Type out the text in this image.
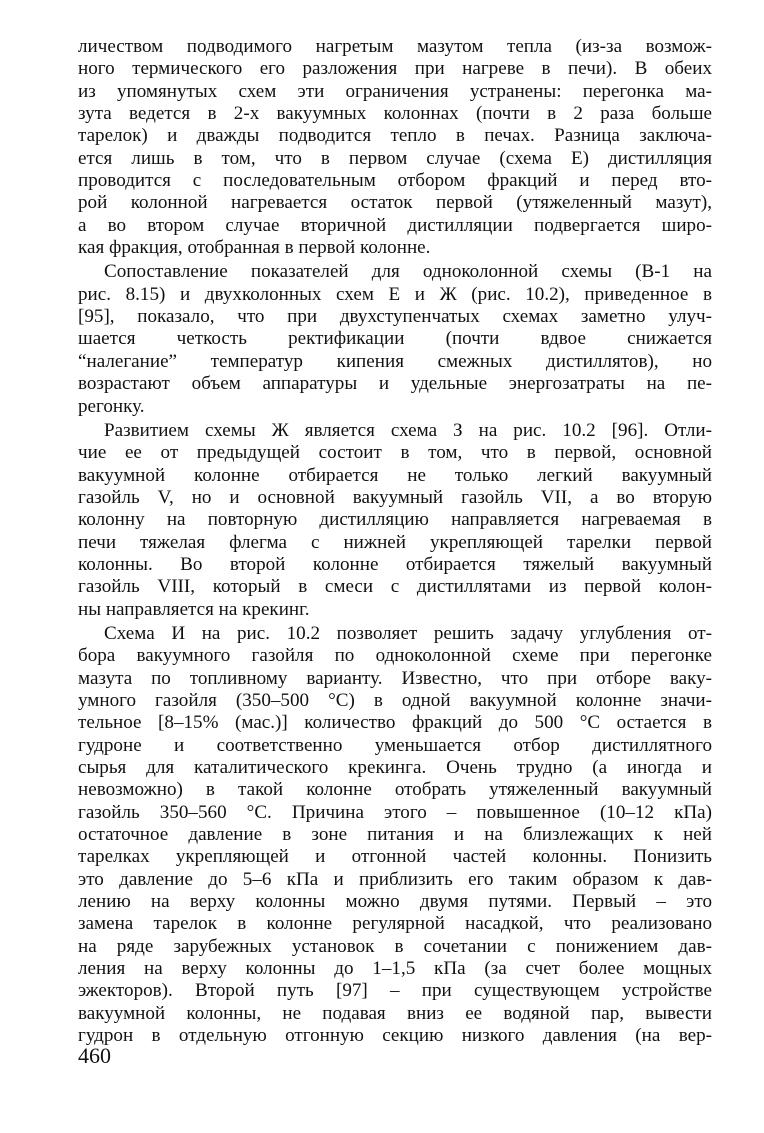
личеством подводимого нагретым мазутом тепла (из-за возмож-
ного термического его разложения при нагреве в печи). В обеих
из упомянутых схем эти ограничения устранены: перегонка ма-
зута ведется в 2-х вакуумных колоннах (почти в 2 раза больше
тарелок) и дважды подводится тепло в печах. Разница заключа-
ется лишь в том, что в первом случае (схема Е) дистилляция
проводится с последовательным отбором фракций и перед вто-
рой колонной нагревается остаток первой (утяжеленный мазут),
а во втором случае вторичной дистилляции подвергается широ-
кая фракция, отобранная в первой колонне.
Сопоставление показателей для одноколонной схемы (В-1 на
рис. 8.15) и двухколонных схем Е и Ж (рис. 10.2), приведенное в
[95], показало, что при двухступенчатых схемах заметно улуч-
шается четкость ректификации (почти вдвое снижается
“налегание” температур кипения смежных дистиллятов), но
возрастают объем аппаратуры и удельные энергозатраты на пе-
регонку.
Развитием схемы Ж является схема З на рис. 10.2 [96]. Отли-
чие ее от предыдущей состоит в том, что в первой, основной
вакуумной колонне отбирается не только легкий вакуумный
газойль V, но и основной вакуумный газойль VII, а во вторую
колонну на повторную дистилляцию направляется нагреваемая в
печи тяжелая флегма с нижней укрепляющей тарелки первой
колонны. Во второй колонне отбирается тяжелый вакуумный
газойль VIII, который в смеси с дистиллятами из первой колон-
ны направляется на крекинг.
Схема И на рис. 10.2 позволяет решить задачу углубления от-
бора вакуумного газойля по одноколонной схеме при перегонке
мазута по топливному варианту. Известно, что при отборе ваку-
умного газойля (350–500 °С) в одной вакуумной колонне значи-
тельное [8–15% (мас.)] количество фракций до 500 °С остается в
гудроне и соответственно уменьшается отбор дистиллятного
сырья для каталитического крекинга. Очень трудно (а иногда и
невозможно) в такой колонне отобрать утяжеленный вакуумный
газойль 350–560 °С. Причина этого – повышенное (10–12 кПа)
остаточное давление в зоне питания и на близлежащих к ней
тарелках укрепляющей и отгонной частей колонны. Понизить
это давление до 5–6 кПа и приблизить его таким образом к дав-
лению на верху колонны можно двумя путями. Первый – это
замена тарелок в колонне регулярной насадкой, что реализовано
на ряде зарубежных установок в сочетании с понижением дав-
ления на верху колонны до 1–1,5 кПа (за счет более мощных
эжекторов). Второй путь [97] – при существующем устройстве
вакуумной колонны, не подавая вниз ее водяной пар, вывести
гудрон в отдельную отгонную секцию низкого давления (на вер-
460
